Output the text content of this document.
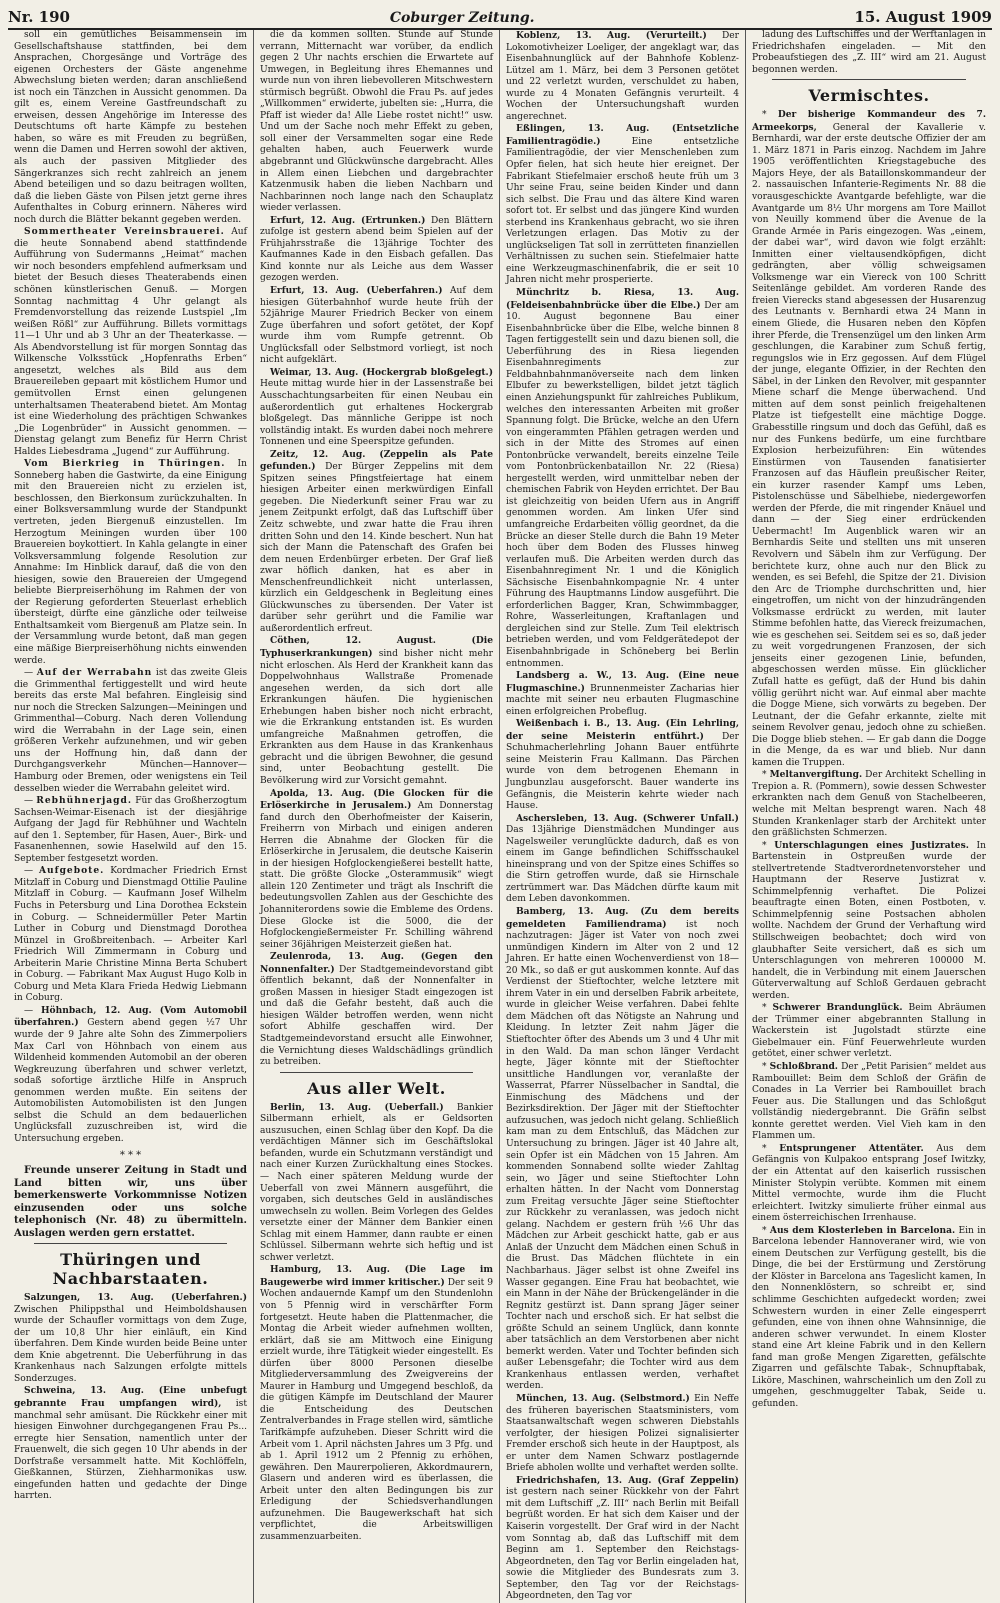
Nr. 190	Coburger Zeitung.	15. August 1909

soll ein gemütliches Beisammensein im Gesellschaftshause stattfinden, bei dem Ansprachen, Chorgesänge und Vorträge des eigenen Orchesters der Gäste angenehme Abwechslung bieten werden; daran anschließend ist noch ein Tänzchen in Aussicht genommen. Da gilt es, einem Vereine Gastfreundschaft zu erweisen, dessen Angehörige im Interesse des Deutschtums oft harte Kämpfe zu bestehen haben, so wäre es mit Freuden zu begrüßen, wenn die Damen und Herren sowohl der aktiven, als auch der passiven Mitglieder des Sängerkranzes sich recht zahlreich an jenem Abend beteiligen und so dazu beitragen wollten, daß die lieben Gäste von Pilsen jetzt gerne ihres Aufenthaltes in Coburg erinnern. Näheres wird noch durch die Blätter bekannt gegeben werden.

Sommertheater Vereinsbrauerei. Auf die heute Sonnabend abend stattfindende Aufführung von Sudermanns „Heimat“ machen wir noch besonders empfehlend aufmerksam und bietet der Besuch dieses Theaterabends einen schönen künstlerischen Genuß. — Morgen Sonntag nachmittag 4 Uhr gelangt als Fremdenvorstellung das reizende Lustspiel „Im weißen Rößl“ zur Aufführung. Billets vormittags 11—1 Uhr und ab 3 Uhr an der Theaterkasse. — Als Abendvorstellung ist für morgen Sonntag das Wilkensche Volksstück „Hopfenraths Erben“ angesetzt, welches als Bild aus dem Brauereileben gepaart mit köstlichem Humor und gemütvollen Ernst einen gelungenen unterhaltsamen Theaterabend bietet. Am Montag ist eine Wiederholung des prächtigen Schwankes „Die Logenbrüder“ in Aussicht genommen. — Dienstag gelangt zum Benefiz für Herrn Christ Haldes Liebesdrama „Jugend“ zur Aufführung.

Vom Bierkrieg in Thüringen. In Sonneberg haben die Gastwirte, da eine Einigung mit den Brauereien nicht zu erzielen ist, beschlossen, den Bierkonsum zurückzuhalten. In einer Bolksversammlung wurde der Standpunkt vertreten, jeden Biergenuß einzustellen. Im Herzogtum Meiningen wurden über 100 Brauereien boykottiert. In Kahla gelangte in einer Volksversammlung folgende Resolution zur Annahme: Im Hinblick darauf, daß die von den hiesigen, sowie den Brauereien der Umgegend beliebte Bierpreiserhöhung im Rahmen der von der Regierung geforderten Steuerlast erheblich übersteigt, dürfte eine gänzliche oder teilweise Enthaltsamkeit vom Biergenuß am Platze sein. In der Versammlung wurde betont, daß man gegen eine mäßige Bierpreiserhöhung nichts einwenden werde.

— Auf der Werrabahn ist das zweite Gleis die Grimmenthal fertiggestellt und wird heute bereits das erste Mal befahren. Eingleisig sind nur noch die Strecken Salzungen—Meiningen und Grimmenthal—Coburg. Nach deren Vollendung wird die Werrabahn in der Lage sein, einen größeren Verkehr aufzunehmen, und wir geben uns der Hoffnung hin, daß dann der Durchgangsverkehr München—Hannover—Hamburg oder Bremen, oder wenigstens ein Teil desselben wieder die Werrabahn geleitet wird.

— Rebhühnerjagd. Für das Großherzogtum Sachsen-Weimar-Eisenach ist der diesjährige Aufgang der Jagd für Rebhühner und Wachteln auf den 1. September, für Hasen, Auer-, Birk- und Fasanenhennen, sowie Haselwild auf den 15. September festgesetzt worden.

— Aufgebote. Kordmacher Friedrich Ernst Mitzlaff in Coburg und Dienstmagd Ottilie Pauline Mitzlaff in Coburg. — Kaufmann Josef Wilhelm Fuchs in Petersburg und Lina Dorothea Eckstein in Coburg. — Schneidermüller Peter Martin Luther in Coburg und Dienstmagd Dorothea Münzel in Großbreitenbach. — Arbeiter Karl Friedrich Will Zimmermann in Coburg und Arbeiterin Marie Christine Minna Berta Schubert in Coburg. — Fabrikant Max August Hugo Kolb in Coburg und Meta Klara Frieda Hedwig Liebmann in Coburg.

— Höhnbach, 12. Aug. (Vom Automobil überfahren.) Gestern abend gegen ½7 Uhr wurde der 9 Jahre alte Sohn des Zimmerpoliers Max Carl von Höhnbach von einem aus Wildenheid kommenden Automobil an der oberen Wegkreuzung überfahren und schwer verletzt, sodaß sofortige ärztliche Hilfe in Anspruch genommen werden mußte. Ein seitens der Automobilisten Automobilisten ist den Jungen selbst die Schuld an dem bedauerlichen Unglücksfall zuzuschreiben ist, wird die Untersuchung ergeben.

* * *

Freunde unserer Zeitung in Stadt und Land bitten wir, uns über bemerkenswerte Vorkommnisse Notizen einzusenden oder uns solche telephonisch (Nr. 48) zu übermitteln. Auslagen werden gern erstattet.

Thüringen und Nachbarstaaten.

Salzungen, 13. Aug. (Ueberfahren.) Zwischen Philippsthal und Heimboldshausen wurde der Schaufler vormittags von dem Zuge, der um 10,8 Uhr hier einläuft, ein Kind überfahren. Dem Kinde wurden beide Beine unter dem Knie abgetrennt. Die Ueberführung in das Krankenhaus nach Salzungen erfolgte mittels Sonderzuges.

Schweina, 13. Aug. (Eine unbefugt gebrannte Frau umpfangen wird), ist manchmal sehr amüsant. Die Rückkehr einer mit hiesigen Einwohner durchgegangenen Frau Ps... erregte hier Sensation, namentlich unter der Frauenwelt, die sich gegen 10 Uhr abends in der Dorfstraße versammelt hatte. Mit Kochlöffeln, Gießkannen, Stürzen, Ziehharmonikas usw. eingefunden hatten und gedachte der Dinge harrten.

die da kommen sollten. Stunde auf Stunde verrann, Mitternacht war vorüber, da endlich gegen 2 Uhr nachts erschien die Erwartete auf Umwegen, in Begleitung ihres Ehemannes und wurde nun von ihren liebevolleren Mitschwestern stürmisch begrüßt. Obwohl die Frau Ps. auf jedes „Willkommen“ erwiderte, jubelten sie: „Hurra, die Pfaff ist wieder da! Alle Liebe rostet nicht!“ usw. Und um der Sache noch mehr Effekt zu geben, soll einer der Versammelten sogar eine Rede gehalten haben, auch Feuerwerk wurde abgebrannt und Glückwünsche dargebracht. Alles in Allem einen Liebchen und dargebrachter Katzenmusik haben die lieben Nachbarn und Nachbarinnen noch lange nach den Schauplatz wieder verlassen.

Erfurt, 12. Aug. (Ertrunken.) Den Blättern zufolge ist gestern abend beim Spielen auf der Frühjahrsstraße die 13jährige Tochter des Kaufmannes Kade in den Eisbach gefallen. Das Kind konnte nur als Leiche aus dem Wasser gezogen werden.

Erfurt, 13. Aug. (Ueberfahren.) Auf dem hiesigen Güterbahnhof wurde heute früh der 52jährige Maurer Friedrich Becker von einem Zuge überfahren und sofort getötet, der Kopf wurde ihm vom Rumpfe getrennt. Ob Unglücksfall oder Selbstmord vorliegt, ist noch nicht aufgeklärt.

Weimar, 13. Aug. (Hockergrab bloßgelegt.) Heute mittag wurde hier in der Lassenstraße bei Ausschachtungsarbeiten für einen Neubau ein außerordentlich gut erhaltenes Hockergrab bloßgelegt. Das männliche Gerippe ist noch vollständig intakt. Es wurden dabei noch mehrere Tonnenen und eine Speerspitze gefunden.

Zeitz, 12. Aug. (Zeppelin als Pate gefunden.) Der Bürger Zeppelins mit dem Spitzen seines Pfingstfeiertage hat einem hiesigen Arbeiter einen merkwürdigen Einfall gegeben. Die Niederkunft seiner Frau war zu jenem Zeitpunkt erfolgt, daß das Luftschiff über Zeitz schwebte, und zwar hatte die Frau ihren dritten Sohn und den 14. Kinde beschert. Nun hat sich der Mann die Patenschaft des Grafen bei dem neuen Erdenbürger erbeten. Der Graf ließ zwar höflich danken, hat es aber in Menschenfreundlichkeit nicht unterlassen, kürzlich ein Geldgeschenk in Begleitung eines Glückwunsches zu übersenden. Der Vater ist darüber sehr gerührt und die Familie war außerordentlich erfreut.

Cöthen, 12. August. (Die Typhuserkrankungen) sind bisher nicht mehr nicht erloschen. Als Herd der Krankheit kann das Doppelwohnhaus Wallstraße Promenade angesehen werden, da sich dort alle Erkrankungen häufen. Die hygienischen Erhebungen haben bisher noch nicht erbracht, wie die Erkrankung entstanden ist. Es wurden umfangreiche Maßnahmen getroffen, die Erkrankten aus dem Hause in das Krankenhaus gebracht und die übrigen Bewohner, die gesund sind, unter Beobachtung gestellt. Die Bevölkerung wird zur Vorsicht gemahnt.

Apolda, 13. Aug. (Die Glocken für die Erlöserkirche in Jerusalem.) Am Donnerstag fand durch den Oberhofmeister der Kaiserin, Freiherrn von Mirbach und einigen anderen Herren die Abnahme der Glocken für die Erlöserkirche in Jerusalem, die deutsche Kaiserin in der hiesigen Hofglockengießerei bestellt hatte, statt. Die größte Glocke „Osterammusik“ wiegt allein 120 Zentimeter und trägt als Inschrift die bedeutungsvollen Zahlen aus der Geschichte des Johanniterordens sowie die Embleme des Ordens. Diese Glocke ist die 5000, die der Hofglockengießermeister Fr. Schilling während seiner 36jährigen Meisterzeit gießen hat.

Zeulenroda, 13. Aug. (Gegen den Nonnenfalter.) Der Stadtgemeindevorstand gibt öffentlich bekannt, daß der Nonnenfalter in großen Massen in hiesiger Stadt eingezogen ist und daß die Gefahr besteht, daß auch die hiesigen Wälder betroffen werden, wenn nicht sofort Abhilfe geschaffen wird. Der Stadtgemeindevorstand ersucht alle Einwohner, die Vernichtung dieses Waldschädlings gründlich zu betreiben.

Aus aller Welt.

Berlin, 13. Aug. (Ueberfall.) Bankier Silbermann erhielt, als er Geldsorten auszusuchen, einen Schlag über den Kopf. Da die verdächtigen Männer sich im Geschäftslokal befanden, wurde ein Schutzmann verständigt und nach einer Kurzen Zurückhaltung eines Stockes. — Nach einer späteren Meldung wurde der Ueberfall von zwei Männern ausgeführt, die vorgaben, sich deutsches Geld in ausländisches umwechseln zu wollen. Beim Vorlegen des Geldes versetzte einer der Männer dem Bankier einen Schlag mit einem Hammer, dann raubte er einen Schlüssel. Silbermann wehrte sich heftig und ist schwer verletzt.

Hamburg, 13. Aug. (Die Lage im Baugewerbe wird immer kritischer.) Der seit 9 Wochen andauernde Kampf um den Stundenlohn von 5 Pfennig wird in verschärfter Form fortgesetzt. Heute haben die Plattenmacher, die Montag die Arbeit wieder aufnehmen wollten, erklärt, daß sie am Mittwoch eine Einigung erzielt wurde, ihre Tätigkeit wieder eingestellt. Es dürfen über 8000 Personen dieselbe Mitgliederversammlung des Zweigvereins der Maurer in Hamburg und Umgegend beschloß, da die gütigen Kämpfe im Deutschland der Maurer die Entscheidung des Deutschen Zentralverbandes in Frage stellen wird, sämtliche Tarifkämpfe aufzuheben. Dieser Schritt wird die Arbeit vom 1. April nächsten Jahres um 3 Pfg. und ab 1. April 1912 um 2 Pfennig zu erhöhen, gewähren. Den Maurerpolieren, Akkordmaurern, Glasern und anderen wird es überlassen, die Arbeit unter den alten Bedingungen bis zur Erledigung der Schiedsverhandlungen aufzunehmen. Die Baugewerkschaft hat sich verpflichtet, die Arbeitswilligen zusammenzuarbeiten.

Koblenz, 13. Aug. (Verurteilt.) Der Lokomotivheizer Loeliger, der angeklagt war, das Eisenbahnunglück auf der Bahnhofe Koblenz-Lützel am 1. März, bei dem 3 Personen getötet und 22 verletzt wurden, verschuldet zu haben, wurde zu 4 Monaten Gefängnis verurteilt. 4 Wochen der Untersuchungshaft wurden angerechnet.

Eßlingen, 13. Aug. (Entsetzliche Familientragödie.)	Eine entsetzliche Familientragödie, der vier Menschenleben zum Opfer fielen, hat sich heute hier ereignet. Der Fabrikant Stiefelmaier erschoß heute früh um 3 Uhr seine Frau, seine beiden Kinder und dann sich selbst. Die Frau und das ältere Kind waren sofort tot. Er selbst und das jüngere Kind wurden sterbend ins Krankenhaus gebracht, wo sie ihren Verletzungen erlagen. Das Motiv zu der unglückseligen Tat soll in zerrütteten finanziellen Verhältnissen zu suchen sein. Stiefelmaier hatte eine Werkzeugmaschinenfabrik, die er seit 10 Jahren nicht mehr prosperierte.

Münchritz b. Riesa, 13. Aug. (Feldeisenbahnbrücke über die Elbe.) Der am 10. August begonnene Bau einer Eisenbahnbrücke über die Elbe, welche binnen 8 Tagen fertiggestellt sein und dazu bienen soll, die Ueberführung des in Riesa liegenden Eisenbahnregiments zur Feldbahnbahnmanöverseite nach dem linken Elbufer zu bewerkstelligen, bildet jetzt täglich einen Anziehungspunkt für zahlreiches Publikum, welches den interessanten Arbeiten mit großer Spannung folgt. Die Brücke, welche an den Ufern von eingerammten Pfählen getragen werden und sich in der Mitte des Stromes auf einen Pontonbrücke verwandelt, bereits einzelne Teile vom Pontonbrückenbataillon Nr. 22 (Riesa) hergestellt werden, wird unmittelbar neben der chemischen Fabrik von Heyden errichtet. Der Bau ist gleichzeitig von beiden Ufern aus in Angriff genommen worden. Am linken Ufer sind umfangreiche Erdarbeiten völlig geordnet, da die Brücke an dieser Stelle durch die Bahn 19 Meter hoch über dem Boden des Flusses hinweg verlaufen muß. Die Arbeiten werden durch das Eisenbahnregiment Nr. 1 und die Königlich Sächsische Eisenbahnkompagnie Nr. 4 unter Führung des Hauptmanns Lindow ausgeführt. Die erforderlichen Bagger, Kran, Schwimmbagger, Rohre, Wasserleitungen, Kraftanlagen und dergleichen sind zur Stelle. Zum Teil elektrisch betrieben werden, und vom Feldgerätedepot der Eisenbahnbrigade in Schöneberg bei Berlin entnommen.

Landsberg a. W., 13. Aug. (Eine neue Flugmaschine.) Brunnenmeister Zacharias hier machte mit seiner neu erbauten Flugmaschine einen erfolgreichen Probeflug.

Weißenbach i. B., 13. Aug. (Ein Lehrling, der seine Meisterin entführt.) Der Schuhmacherlehrling Johann Bauer entführte seine Meisterin Frau Kallmann. Das Pärchen wurde von dem betrogenen Ehemann in Jungbunzlau ausgeforscht. Bauer wanderte ins Gefängnis, die Meisterin kehrte wieder nach Hause.

Aschersleben, 13. Aug. (Schwerer Unfall.) Das 13jährige Dienstmädchen Mundinger aus Nagelsweiler verunglückte dadurch, daß es von einem im Gange befindlichen Schiffsschaukel hineinsprang und von der Spitze eines Schiffes so die Stirn getroffen wurde, daß sie Hirnschale zertrümmert war. Das Mädchen dürfte kaum mit dem Leben davonkommen.

Bamberg, 13. Aug. (Zu dem bereits gemeldeten Familiendrama) ist noch nachzutragen: Jäger ist Vater von noch zwei unmündigen Kindern im Alter von 2 und 12 Jahren. Er hatte einen Wochenverdienst von 18—20 Mk., so daß er gut auskommen konnte. Auf das Verdienst der Stieftochter, welche letztere mit ihrem Vater in ein und derselben Fabrik arbeitete, wurde in gleicher Weise verfahren. Dabei fehlte dem Mädchen oft das Nötigste an Nahrung und Kleidung. In letzter Zeit nahm Jäger die Stieftochter öfter des Abends um 3 und 4 Uhr mit in den Wald. Da man schon länger Verdacht hegte, Jäger könnte mit der Stieftochter unsittliche Handlungen vor, veranlaßte der Wasserrat, Pfarrer Nüsselbacher in Sandtal, die Einmischung des Mädchens und der Bezirksdirektion. Der Jäger mit der Stieftochter aufzusuchen, was jedoch nicht gelang. Schließlich kam man zu dem Entschluß, das Mädchen zur Untersuchung zu bringen. Jäger ist 40 Jahre alt, sein Opfer ist ein Mädchen von 15 Jahren. Am kommenden Sonnabend sollte wieder Zahltag sein, wo Jäger und seine Stieftochter Lohn erhalten hätten. In der Nacht vom Donnerstag zum Freitag versuchte Jäger seine Stieftochter zur Rückkehr zu veranlassen, was jedoch nicht gelang. Nachdem er gestern früh ½6 Uhr das Mädchen zur Arbeit geschickt hatte, gab er aus Anlaß der Unzucht dem Mädchen einen Schuß in die Brust. Das Mädchen flüchtete in ein Nachbarhaus. Jäger selbst ist ohne Zweifel ins Wasser gegangen. Eine Frau hat beobachtet, wie ein Mann in der Nähe der Brückengeländer in die Regnitz gestürzt ist. Dann sprang Jäger seiner Tochter nach und erschoß sich. Er hat selbst die größte Schuld an seinem Unglück, dann konnte aber tatsächlich an dem Verstorbenen aber nicht bemerkt werden. Vater und Tochter befinden sich außer Lebensgefahr; die Tochter wird aus dem Krankenhaus entlassen werden, verhaftet werden.

München, 13. Aug. (Selbstmord.) Ein Neffe des früheren bayerischen Staatsministers, vom Staatsanwaltschaft wegen schweren Diebstahls verfolgter, der hiesigen Polizei signalisierter Fremder erschoß sich heute in der Hauptpost, als er unter dem Namen Schwarz postlagernde Briefe abholen wollte und verhaftet werden sollte.

Friedrichshafen, 13. Aug. (Graf Zeppelin) ist gestern nach seiner Rückkehr von der Fahrt mit dem Luftschiff „Z. III“ nach Berlin mit Beifall begrüßt worden. Er hat sich dem Kaiser und der Kaiserin vorgestellt. Der Graf wird in der Nacht vom Sonntag ab, daß das Luftschiff mit dem Beginn am 1. September den Reichstags-Abgeordneten, den Tag vor Berlin eingeladen hat, sowie die Mitglieder des Bundesrats zum 3. September, den Tag vor der Reichstags-Abgeordneten, den Tag vor

ladung des Luftschiffes und der Werftanlagen in Friedrichshafen eingeladen. — Mit den Probeaufstiegen des „Z. III“ wird am 21. August begonnen werden.

Vermischtes.

* Der bisherige Kommandeur des 7. Armeekorps, General der Kavallerie v. Bernhardi, war der erste deutsche Offizier der am 1. März 1871 in Paris einzog. Nachdem im Jahre 1905 veröffentlichten Kriegstagebuche des Majors Heye, der als Bataillonskommandeur der 2. nassauischen Infanterie-Regiments Nr. 88 die vorausgeschickte Avantgarde befehligte, war die Avantgarde um 8½ Uhr morgens am Tore Maillot von Neuilly kommend über die Avenue de la Grande Armée in Paris eingezogen. Was „einem, der dabei war“, wird davon wie folgt erzählt: Inmitten einer vieltausendköpfigen, dicht gedrängten, aber völlig schweigsamen Volksmenge war ein Viereck von 100 Schritt Seitenlänge gebildet. Am vorderen Rande des freien Vierecks stand abgesessen der Husarenzug des Leutnants v. Bernhardi etwa 24 Mann in einem Gliede, die Husaren neben den Köpfen ihrer Pferde, die Trensenzügel um den linken Arm geschlungen, die Karabiner zum Schuß fertig, regungslos wie in Erz gegossen. Auf dem Flügel der junge, elegante Offizier, in der Rechten den Säbel, in der Linken den Revolver, mit gespannter Miene scharf die Menge überwachend. Und mitten auf dem sonst peinlich freigehaltenen Platze ist tiefgestellt eine mächtige Dogge. Grabesstille ringsum und doch das Gefühl, daß es nur des Funkens bedürfe, um eine furchtbare Explosion herbeizuführen: Ein wütendes Einstürmen von Tausenden fanatisierter Franzosen auf das Häuflein preußischer Reiter, ein kurzer rasender Kampf ums Leben, Pistolenschüsse und Säbelhiebe, niedergeworfen werden der Pferde, die mit ringender Knäuel und dann — der Sieg einer erdrückenden Uebermacht! Im Augenblick waren wir an Bernhardis Seite und stellten uns mit unseren Revolvern und Säbeln ihm zur Verfügung. Der berichtete kurz, ohne auch nur den Blick zu wenden, es sei Befehl, die Spitze der 21. Division den Arc de Triomphe durchschritten und, hier eingetroffen, um nicht von der hinzudrängenden Volksmasse erdrückt zu werden, mit lauter Stimme befohlen hatte, das Viereck freizumachen, wie es geschehen sei. Seitdem sei es so, daß jeder zu weit vorgedrungenen Franzosen, der sich jenseits einer gezogenen Linie, befunden, abgeschossen werden müsse. Ein glücklicher Zufall hatte es gefügt, daß der Hund bis dahin völlig gerührt nicht war. Auf einmal aber machte die Dogge Miene, sich vorwärts zu begeben. Der Leutnant, der die Gefahr erkannte, zielte mit seinem Revolver genau, jedoch ohne zu schießen. Die Dogge blieb stehen. — Er gab dann die Dogge in die Menge, da es war und blieb. Nur dann kamen die Truppen.

* Meltanvergiftung. Der Architekt Schelling in Trepion a. R. (Pommern), sowie dessen Schwester erkrankten nach dem Genuß von Stachelbeeren, welche mit Meltan besprengt waren. Nach 48 Stunden Krankenlager starb der Architekt unter den gräßlichsten Schmerzen.

* Unterschlagungen eines Justizrates. In Bartenstein in Ostpreußen wurde der stellvertretende Stadtverordnetenvorsteher und Hauptmann der Reserve Justizrat v. Schimmelpfennig verhaftet. Die Polizei beauftragte einen Boten, einen Postboten, v. Schimmelpfennig seine Postsachen abholen wollte. Nachdem der Grund der Verhaftung wird Stillschweigen beobachtet; doch wird von glaubhafter Seite versichert, daß es sich um Unterschlagungen von mehreren 100000 M. handelt, die in Verbindung mit einem Jauerschen Güterverwaltung auf Schloß Gerdauen gebracht werden.

* Schwerer Brandunglück. Beim Abräumen der Trümmer einer abgebrannten Stallung in Wackerstein ist Jugolstadt stürzte eine Giebelmauer ein. Fünf Feuerwehrleute wurden getötet, einer schwer verletzt.

* Schloßbrand. Der „Petit Parisien“ meldet aus Rambouillet: Beim dem Schloß der Gräfin de Conades in La Verrier bei Rambouillet brach Feuer aus. Die Stallungen und das Schloßgut vollständig niedergebrannt. Die Gräfin selbst konnte gerettet werden. Viel Vieh kam in den Flammen um.

* Entsprungener Attentäter. Aus dem Gefängnis von Kulpakoo entsprang Josef Iwitzky, der ein Attentat auf den kaiserlich russischen Minister Stolypin verübte. Kommen mit einem Mittel vermochte, wurde ihm die Flucht erleichtert. Iwitzky simulierte früher einmal aus einem österreichischen Irrenhause.

* Aus dem Klosterleben in Barcelona. Ein in Barcelona lebender Hannoveraner wird, wie von einem Deutschen zur Verfügung gestellt, bis die Dinge, die bei der Erstürmung und Zerstörung der Klöster in Barcelona ans Tageslicht kamen, In den Nonnenklöstern, so schreibt er, sind schlimme Geschichten aufgedeckt worden; zwei Schwestern wurden in einer Zelle eingesperrt gefunden, eine von ihnen ohne Wahnsinnige, die anderen schwer verwundet. In einem Kloster stand eine Art kleine Fabrik und in den Kellern fand man große Mengen Zigaretten, gefälschte Zigarren und gefälschte Tabak-, Schnupftabak, Liköre, Maschinen, wahrscheinlich um den Zoll zu umgehen, geschmuggelter Tabak, Seide u. gefunden.
